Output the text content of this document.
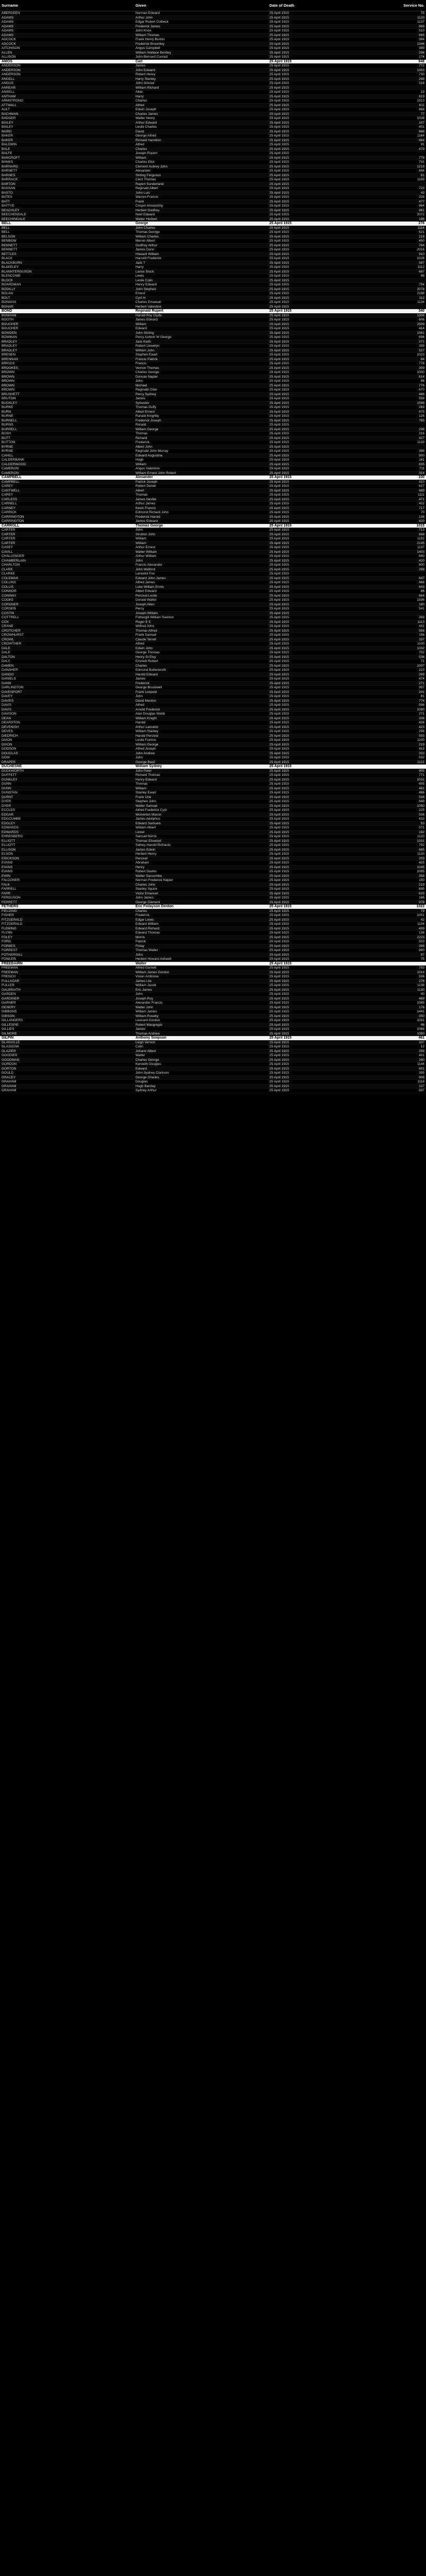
Surname	Given	Date of Death	Service No.
ABERDEEN	Norman Edward	25 April 1915	75
ADAMS	Arthur John	25 April 1915	1120
ADAMS	Edgar Robert Colbeck	25 April 1915	1137
ADAMS	Frederick James	25 April 1915	866
ADAMS	John Knox	25 April 1915	510
ADAMS	William Thomas	25 April 1915	666
ADCOCK	Frank Henry Burton	25 April 1915	394
ADCOCK	Frederick Broomley	25 April 1915	1344
AITCHISON	Angus Campbell	25 April 1915	399
ALLEN	William Wallace Bentley	25 April 1915	296
ALLISON	John Bernard Conrad	25 April 1915	174
AMOS	Carl	25 April 1915	648
ANDERSON	James	25 April 1915	772
ANDERSON	John Edward	25 April 1915	1303
ANDERSON	Robert Henry	25 April 1915	730
ANGELL	Harry Stanley	25 April 1915	288
ANGUS	John Sinclair	25 April 1915	516
ANNEAR	William Richard	25 April 1915	
ANSELL	Allan	25 April 1915	19
ANTHAM	Harry	25 April 1915	819
ARMSTRONG	Charles	25 April 1915	1513
ATTWALL	Alfred	25 April 1915	611
AULT	Edwin Joseph	25 April 1915	868
BACHMAN	Charles James	25 April 1915	77
BADGER	Walter Henry	25 April 1915	1026
BAILEY	Arthur Edward	25 April 1915	107
BAILEY	Leslie Charles	25 April 1915	401
BAIRD	David	25 April 1915	666
BAKER	George Alfred	25 April 1915	1164
BAKER	Richard Hamilton	25 April 1915	864
BALDWIN	Alfred	25 April 1915	91
BALE	Charles	25 April 1915	479
BALFE	Joseph Rupert	25 April 1915	
BANCROFT	William	25 April 1915	778
BANKS	Charles Eliot	25 April 1915	741
BARNARD	Clement Aubrey John	25 April 1915	1218
BARNETT	Alexander	25 April 1915	694
BARNES	Stirling Ferguson	25 April 1915	81
BARRACK	Cecil Thomas	25 April 1915	1109
BARTON	Rupert Sunderland	25 April 1915	
BASSAN	Reginald Albert	25 April 1915	723
BASTO	John Luis	25 April 1915	43
BATES	Warren Francis	25 April 1915	228
BATT	Frank	25 April 1915	477
BATTYE	Crispin Ainsworthy	25 April 1915	964
BEACHLEY	Herbert Godfrey	25 April 1915	861
BEECHENSALE	Noel Edward	25 April 1915	2072
BEECHINGALE	Walter Herbert	25 April 1915	196
BELL	George	25 April 1915	276
BELL	John Charles	25 April 1915	1116
BELL	Thomas George	25 April 1915	621
BELSON	William Charles	25 April 1915	218
BENBOW	Mervin Albert	25 April 1915	450
BENNETT	Godfrey Arthur	25 April 1915	764
BENNETT	James Dunn	25 April 1915	2016
BETTLES	Howard William	25 April 1915	910
BLACK	Harrold Frederick	25 April 1915	1026
BLACKBURN	Jack T	25 April 1915	597
BLAKELEY	Harry	25 April 1915	1112
BLANNTERGUSON	Lance Stock	25 April 1915	687
BLENCOWE	Lewis	25 April 1915	98
BLOCK	Leslie Colin	25 April 1915	
BOARDMAN	Henry Edward	25 April 1915	754
BODILLY	John Stephen	25 April 1915	2078
BOLAN	Ernest	25 April 1915	2198
BOLT	Cyril H	25 April 1915	112
BONAVIA	Charles Emanuel	25 April 1915	1134
BONAR	Herbert Valentine	25 April 1915	
BOND	Reginald Rupert	25 April 1915	340
BONHAM	Harold Roy Clyde	25 April 1915	1306
BOOTH	James Edward	25 April 1915	606
BOUCHER	William	25 April 1915	2509
BOUCHER	Edward	25 April 1915	414
BOWDEN	John Stirling	25 April 1915	1061
BOWMAN	Percy Ashton W George	25 April 1915	696
BRADLEY	Jack Keith	25 April 1915	271
BRADLEY	Robert Llewelyn	25 April 1915	339
BRADLEY	William John	25 April 1915	527
BRENEN	Stephen Ewart	25 April 1915	1023
BRENNAN	Francis Patrick	25 April 1915	84
BRIGGS	Francis	25 April 1915	778
BROOKES	Vernon Thomas	25 April 1915	309
BROWN	Charles George	25 April 1915	1000
BROWN	Duncan Napier	25 April 1915	614
BROWN	John	25 April 1915	86
BROWN	Michael	25 April 1915	776
BROWN	Reginald Clive	25 April 1915	670
BRUSHETT	Percy Sydney	25 April 1915	466
BRUTON	James	25 April 1915	558
BUCKLEY	Sylvester	25 April 1915	1598
BURKE	Thomas Duffy	25 April 1915	269
BURN	Albert Ernest	25 April 1915	475
BURNE	Ranald Knightly	25 April 1915	126
BURNELL	Frederick Joseph	25 April 1915	765
BURNS	Ronald	25 April 1915	
BURRELL	William George	25 April 1915	236
BUSH	Thomas	25 April 1915	216
BUTT	Richard	25 April 1915	427
BUTTON	Frederick	25 April 1915	1129
BYRNE	Albert John	25 April 1915	
BYRNE	Reginald John Murray	25 April 1915	398
CAHILL	Edward Augustine	25 April 1915	900
CALDERBANK	Hugh	25 April 1915	161
CALDERWOOD	William	25 April 1915	835
CAMERON	Angus Valentine	25 April 1915	711
CAMERON	William Ernest John Robert	25 April 1915	314
CAMPBELL	Alexander	25 April 1915	100
CAMPBELL	Patrick Joseph	25 April 1915	410
CAREY	Robert Daniel	25 April 1915	627
CANTWELL	Albert	25 April 1915	689
CAREY	Thomas	25 April 1915	1111
CARLESS	James Neville	25 April 1915	471
CARNELL	Arthur James	25 April 1915	402
CARNEY	Kevin Francis	25 April 1915	717
CARRICK	Edmond Richard John	25 April 1915	70
CARRINGTON	Frederick Harold	25 April 1915	136
CARRINGTON	James Edward	25 April 1915	420
CARROLL	Thomas George	25 April 1915	1015
CARTER	John	25 April 1915	713
CARTER	Strutton John	25 April 1915	668
CARTER	William	25 April 1915	1152
CARTER	William	25 April 1915	2145
CASEY	Arthur Ernest	25 April 1915	1137
CAVILL	Walter William	25 April 1915	1403
CHALLENGER	Arthur William	25 April 1915	690
CHAMBERLAIN	John	25 April 1915	420
CHARLTON	Francis Alexander	25 April 1915	800
CLARK	John Walford	25 April 1915	298
CLARKE	Lancelot Fox	25 April 1915	
COLEMAN	Edward John James	25 April 1915	647
COLLINS	Alfred James	25 April 1915	866
COLLIS	Luke William Ennis	25 April 1915	643
CONNOR	Albert Edward	25 April 1915	86
CONWAY	Percival Leslie	25 April 1915	664
COOKE	Donald Walter	25 April 1915	1336
CORDNER	Joseph Allen	25 April 1915	180
CORSER	Percy	25 April 1915	541
COSTIN	Joseph William	25 April 1915	
COTTRELL	Fothergill William Swinton	25 April 1915	268
COX	Roger E E	25 April 1915	1113
CRANE	Wilfred John	25 April 1915	431
CROTCHER	Thomas Alfred	25 April 1915	556
CROWHURST	Frank Samuel	25 April 1915	156
CROWL	Claude Terrell	25 April 1915	337
CROWTHER	Alfred	25 April 1915	1100
DALE	Edwin John	25 April 1915	1332
DALE	George Thomas	25 April 1915	702
DALTON	Henry St Eloy	25 April 1915	536
DALY	Emmett Robert	25 April 1915	71
DAMEN	Charles	25 April 1915	1007
DANAHER	Edmond Butterworth	25 April 1915	223
DANDO	Harold Edward	25 April 1915	299
DANIELS	James	25 April 1915	474
DANN	Frederick	25 April 1915	271
DARLINGTON	George Brockwell	25 April 1915	957
DAVENPORT	Frank Leopold	25 April 1915	241
DAVEY	John	25 April 1915	81
DAVIES	David Manton	25 April 1915	774
DAVIS	Alfred	25 April 1915	596
DAVIS	Arnold Frederick	25 April 1915	1090
DAVISON	Alan Douglas Webb	25 April 1915	271
DEAN	William Knight	25 April 1915	326
DEARSTON	Harold	25 April 1915	426
DEVENISH	Arthur Lancelot	25 April 1915	423
DEVES	William Stanley	25 April 1915	256
DIEDRICH	Harold Percival	25 April 1915	555
DIXON	Leslie Francis	25 April 1915	1100
DIXON	William George	25 April 1915	219
DODSON	Alfred Joseph	25 April 1915	412
DOUGLAS	John Andrew	25 April 1915	333
DOW	John	25 April 1915	532
DRAPER	George Basil	25 April 1915	1121
DUCHESNE	William Sydney	25 April 1915	
DUCKWORTH	John Peter	25 April 1915	905
DUFFETT	Richard Thomas	25 April 1915	771
DUNKLEY	Henry Edward	25 April 1915	1031
DUNN	Thomas	25 April 1915	605
DUNN	William	25 April 1915	481
DUNSTAN	Stanley Ewart	25 April 1915	486
DURNT	Frank Urie	25 April 1915	538
DYER	Stephen John	25 April 1915	649
DYER	Walter Samuel	25 April 1915	1050
ECCLES	Alfred Frederick Cyril	25 April 1915	225
EDGAR	Wolverton Macon	25 April 1915	536
EDGCUMBE	James Adolphus	25 April 1915	433
EDGLEY	Edward Samuels	25 April 1915	53
EDWARDS	William Albert	25 April 1915	571
EDWARDS	Lionel	25 April 1915	182
EHRENBERG	Samuel Norris	25 April 1915	1120
ELLIOTT	Thomas Elswood	25 April 1915	1331
ELLIOTT	Sidney Harold Richards	25 April 1915	792
ELLISON	James Edwin	25 April 1915	665
ELSON	Herbert Henry	25 April 1915	1120
ERICKSON	Percival	25 April 1915	203
EVANS	Abraham	25 April 1915	425
EVANS	Henry	25 April 1915	1045
EVANS	Robert Davies	25 April 1915	1035
EWIN	Walter Saccombe	25 April 1915	358
FALCONER	Norman Frederick Napier	25 April 1915	150
FALK	Charles John	25 April 1915	219
FARRELL	Stanley Squire	25 April 1915	695
FARR	Victor Emanuel	25 April 1915	629
FERGUSON	John James	25 April 1915	186
FERRETT	George Clement	25 April 1915	978
FETHERS	Eric Finlayson Denton	25 April 1915	1023
FIELDING	Charles	25 April 1915	79
FISHER	Frederick	25 April 1915	1001
FITZGERALD	Edgar Lewis	25 April 1915	42
FITZGERALD	Edward William	25 April 1915	1104
FLEMING	Edward Richard	25 April 1915	439
FLYNN	Edward Thomas	25 April 1915	138
FOLEY	Morris	25 April 1915	2223
FORD	Patrick	25 April 1915	503
FORBES	Finlay	25 April 1915	398
FORREST	Thomas Walter	25 April 1915	890
FOTHERGILL	John	25 April 1915	97
FOWLER	Herbert Howard Ashwell	25 April 1915	75
FREEBAIRN	Walter	25 April 1915	
FREEMAN	Alfred Garnett	25 April 1915	783
FREEMAN	William James Gordon	25 April 1915	1014
FRENCH	Vivian Ambrose	25 April 1915	536
FULLAGAR	James Lile	25 April 1915	276
FULLER	William Jacob	25 April 1915	1138
GALBRAITH	Eric James	25 April 1915	1130
GARDEN	John	25 April 1915	40
GARDINER	Joseph Roy	25 April 1915	489
GARNER	Alexander Francis	25 April 1915	1085
GENERY	Walter John	25 April 1915	176
GIBBONS	William James	25 April 1915	1441
GIBSON	William Roseby	25 April 1915	350
GILLANDERS	Leonard Gordon	25 April 1915	1031
GILLESPIE	Robert Macgregor	25 April 1915	46
GILLIES	James	25 April 1915	1084
GILMORE	Thomas Andrew	25 April 1915	1050
GILPIN	Anthony Simpson	25 April 1915	461
GLANVILLE	Leigh Vernon	25 April 1915	337
GLASGOW	Colin	25 April 1915	12
GLAZIER	Johann Albert	25 April 1915	258
GOODIER	Walter	25 April 1915	491
GOODMAN	Charles George	25 April 1915	280
GORDON	Kenneth Douglas	25 April 1915	1144
GORTON	Edward	25 April 1915	601
GOULD	John Sydney Clarkson	25 April 1915	305
GRACEY	George Charles	25 April 1915	906
GRAHAM	Douglas	25 April 1915	1118
GRAHAM	Hugh Barclay	25 April 1915	107
GRAHAM	Sydney Arthur	25 April 1915	937
